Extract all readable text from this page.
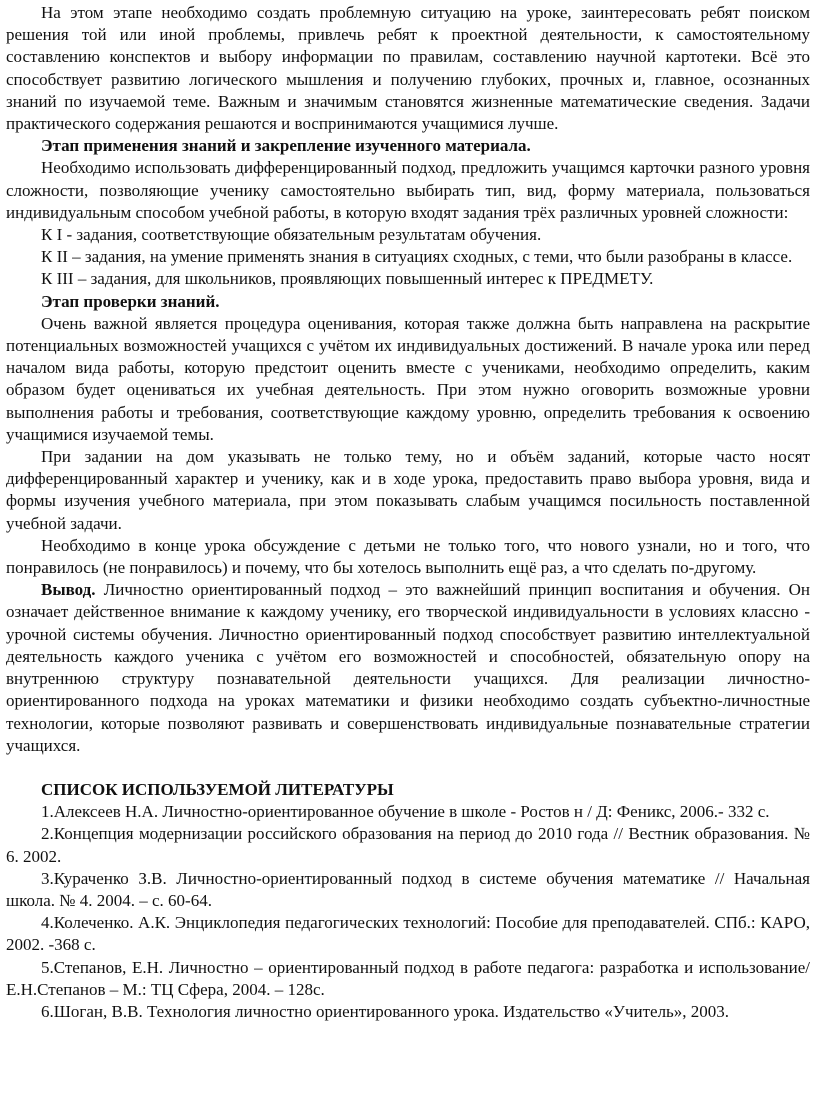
На этом этапе необходимо создать проблемную ситуацию на уроке, заинтересовать ребят поиском решения той или иной проблемы, привлечь ребят к проектной деятельности, к самостоятельному составлению конспектов и выбору информации по правилам, составлению научной картотеки. Всё это способствует развитию логического мышления и получению глубоких, прочных и, главное, осознанных знаний по изучаемой теме. Важным и значимым становятся жизненные математические сведения. Задачи практического содержания решаются и воспринимаются учащимися лучше.

Этап применения знаний и закрепление изученного материала.

Необходимо использовать дифференцированный подход, предложить учащимся карточки разного уровня сложности, позволяющие ученику самостоятельно выбирать тип, вид, форму материала, пользоваться индивидуальным способом учебной работы, в которую входят задания трёх различных уровней сложности:

К I - задания, соответствующие обязательным результатам обучения.

К II – задания, на умение применять знания в ситуациях сходных, с теми, что были разобраны в классе.

К III – задания, для школьников, проявляющих повышенный интерес к ПРЕДМЕТУ.

Этап проверки знаний.

Очень важной является процедура оценивания, которая также должна быть направлена на раскрытие потенциальных возможностей учащихся с учётом их индивидуальных достижений. В начале урока или перед началом вида работы, которую предстоит оценить вместе с учениками, необходимо определить, каким образом будет оцениваться их учебная деятельность. При этом нужно оговорить возможные уровни выполнения работы и требования, соответствующие каждому уровню, определить требования к освоению учащимися изучаемой темы.

При задании на дом указывать не только тему, но и объём заданий, которые часто носят дифференцированный характер и ученику, как и в ходе урока, предоставить право выбора уровня, вида и формы изучения учебного материала, при этом показывать слабым учащимся посильность поставленной учебной задачи.

Необходимо в конце урока обсуждение с детьми не только того, что нового узнали, но и того, что понравилось (не понравилось) и почему, что бы хотелось выполнить ещё раз, а что сделать по-другому.

Вывод. Личностно ориентированный подход – это важнейший принцип воспитания и обучения. Он означает действенное внимание к каждому ученику, его творческой индивидуальности в условиях классно - урочной системы обучения. Личностно ориентированный подход способствует развитию интеллектуальной деятельность каждого ученика с учётом его возможностей и способностей, обязательную опору на внутреннюю структуру познавательной деятельности учащихся. Для реализации личностно-ориентированного подхода на уроках математики и физики необходимо создать субъектно-личностные технологии, которые позволяют развивать и совершенствовать индивидуальные познавательные стратегии учащихся.

СПИСОК ИСПОЛЬЗУЕМОЙ ЛИТЕРАТУРЫ

1.Алексеев Н.А. Личностно-ориентированное обучение в школе - Ростов н / Д: Феникс, 2006.- 332 с.

2.Концепция модернизации российского образования на период до 2010 года // Вестник образования. № 6. 2002.

3.Кураченко З.В. Личностно-ориентированный подход в системе обучения математике // Начальная школа. № 4. 2004. – с. 60-64.

4.Колеченко. А.К. Энциклопедия педагогических технологий: Пособие для преподавателей. СПб.: КАРО, 2002. -368 с.

5.Степанов, Е.Н. Личностно – ориентированный подход в работе педагога: разработка и использование/ Е.Н.Степанов – М.: ТЦ Сфера, 2004. – 128с.

6.Шоган, В.В. Технология личностно ориентированного урока. Издательство «Учитель», 2003.
